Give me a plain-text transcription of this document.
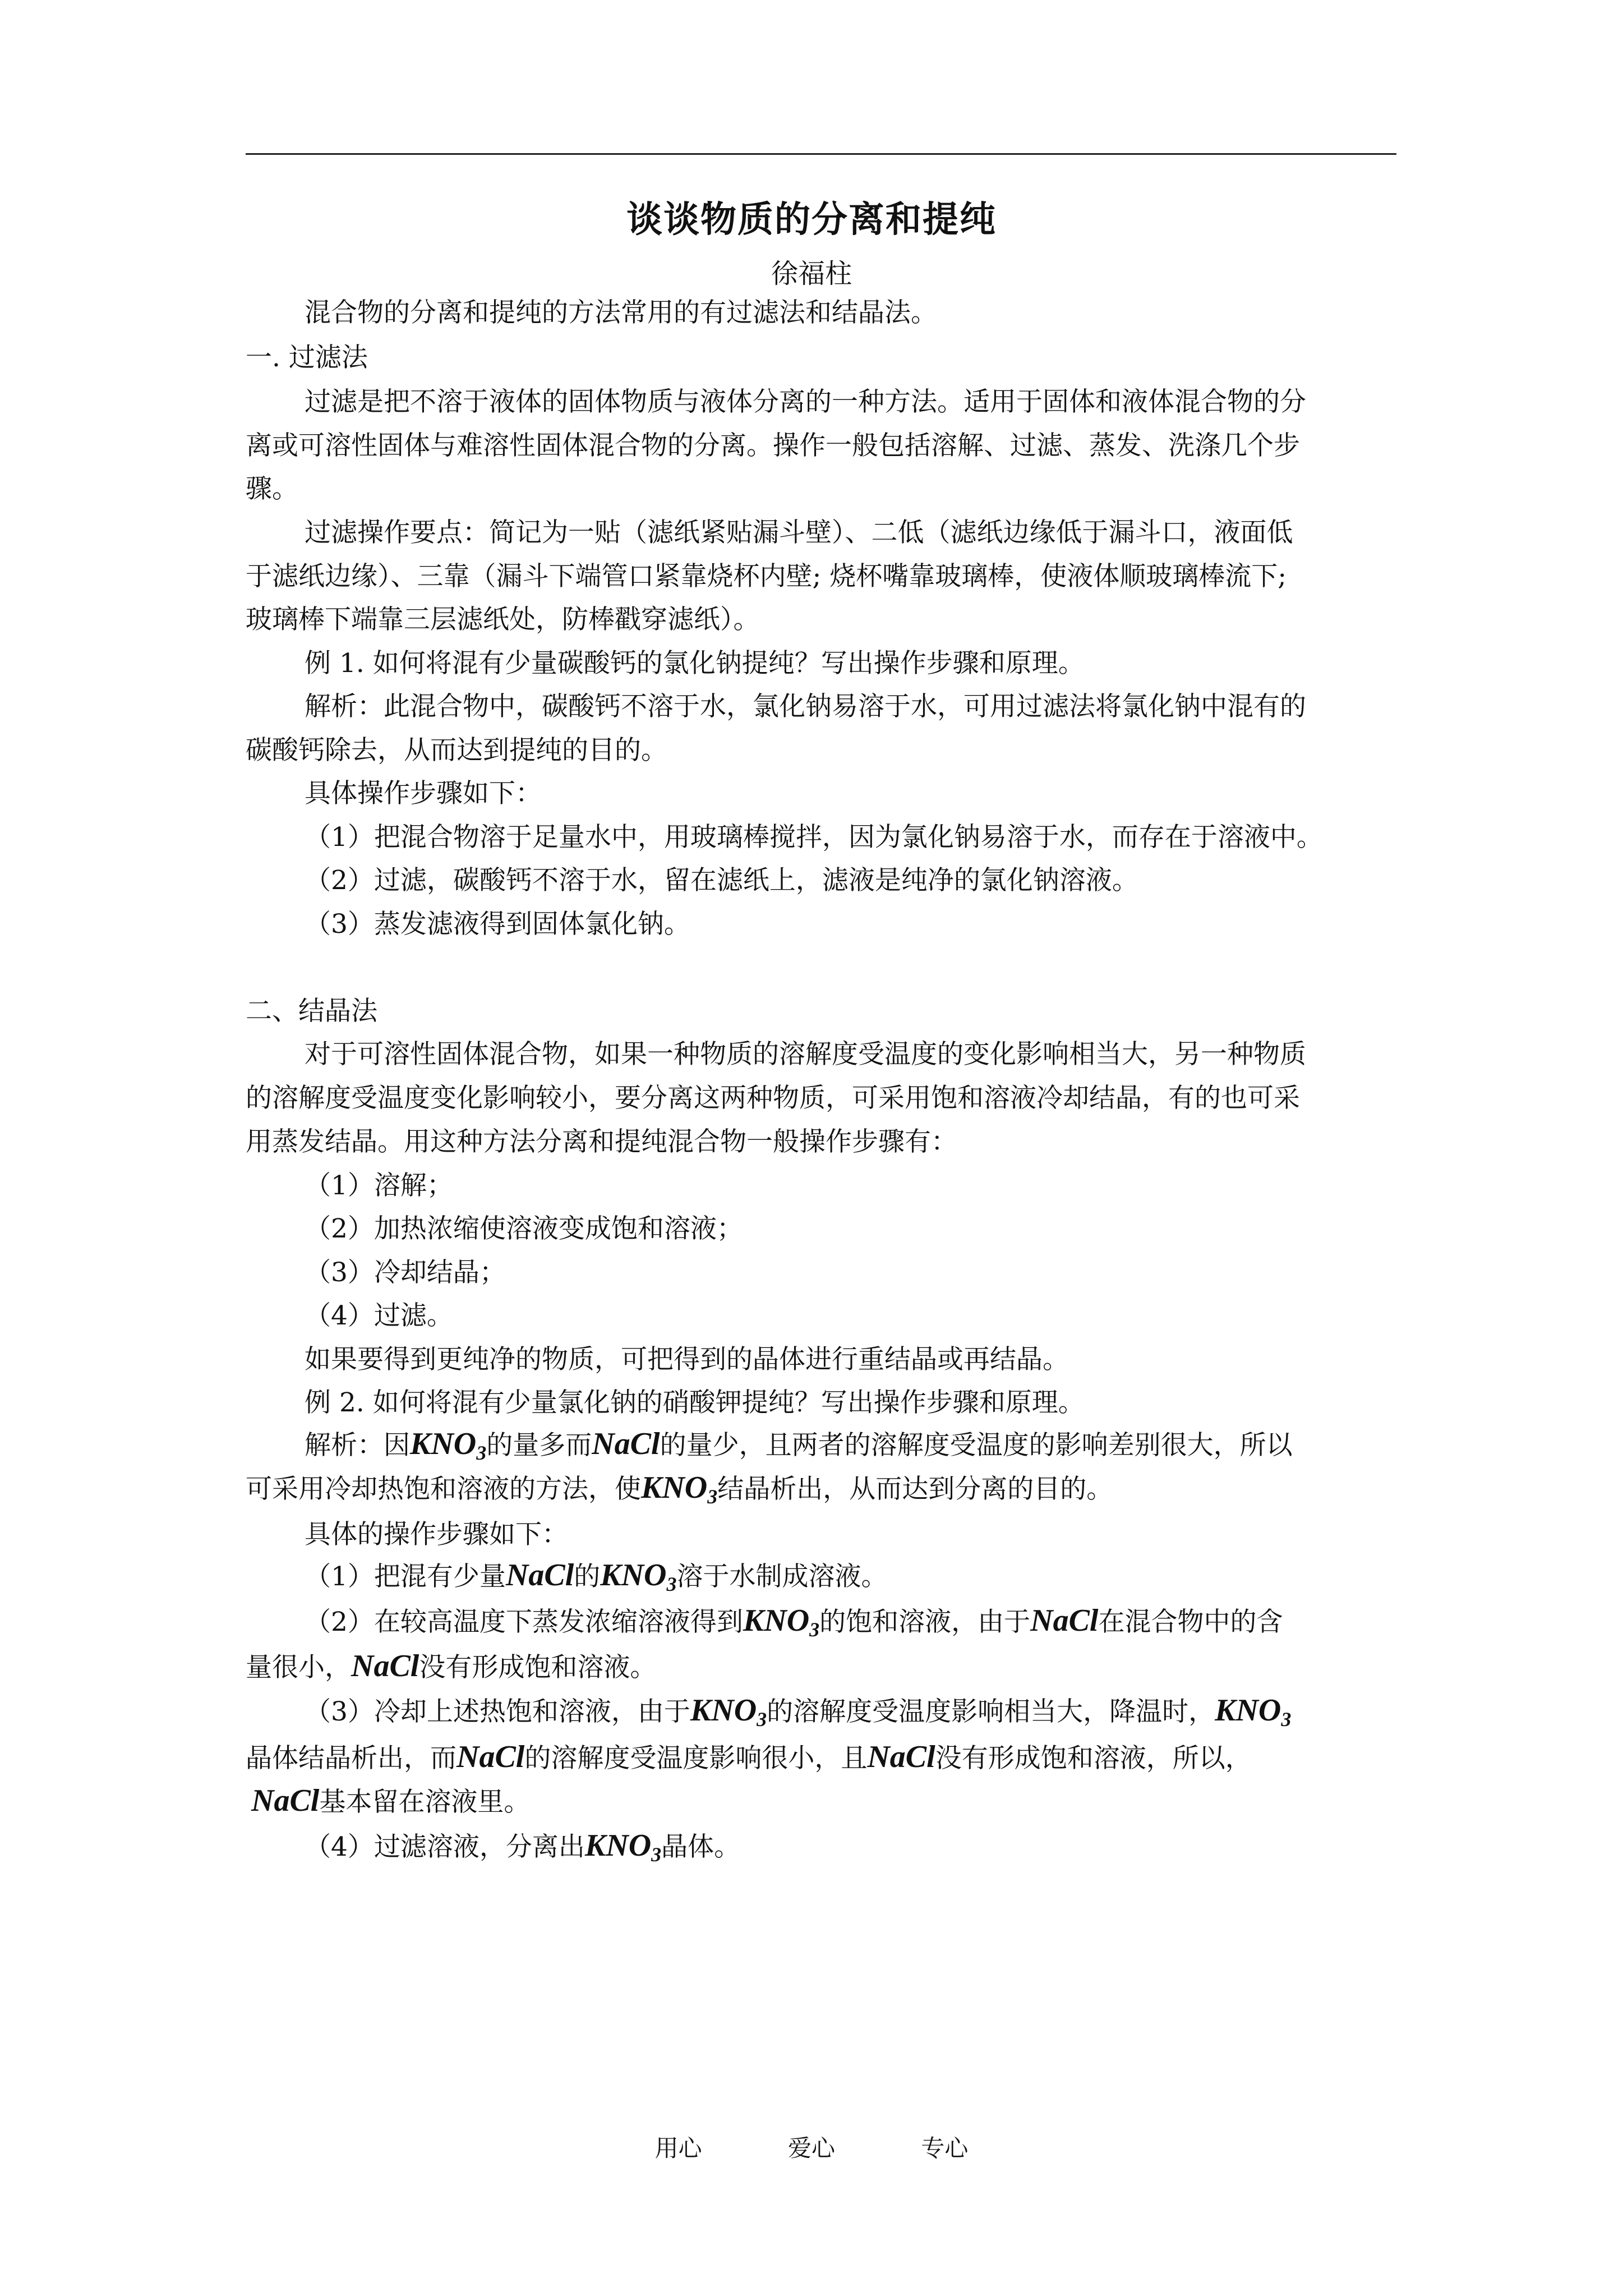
谈谈物质的分离和提纯
徐福柱
混合物的分离和提纯的方法常用的有过滤法和结晶法。
一. 过滤法
过滤是把不溶于液体的固体物质与液体分离的一种方法。适用于固体和液体混合物的分
离或可溶性固体与难溶性固体混合物的分离。操作一般包括溶解、过滤、蒸发、洗涤几个步
骤。
过滤操作要点：简记为一贴（滤纸紧贴漏斗壁）、二低（滤纸边缘低于漏斗口，液面低
于滤纸边缘）、三靠（漏斗下端管口紧靠烧杯内壁; 烧杯嘴靠玻璃棒，使液体顺玻璃棒流下;
玻璃棒下端靠三层滤纸处，防棒戳穿滤纸）。
例 1. 如何将混有少量碳酸钙的氯化钠提纯？写出操作步骤和原理。
解析：此混合物中，碳酸钙不溶于水，氯化钠易溶于水，可用过滤法将氯化钠中混有的
碳酸钙除去，从而达到提纯的目的。
具体操作步骤如下：
（1）把混合物溶于足量水中，用玻璃棒搅拌，因为氯化钠易溶于水，而存在于溶液中。
（2）过滤，碳酸钙不溶于水，留在滤纸上，滤液是纯净的氯化钠溶液。
（3）蒸发滤液得到固体氯化钠。
二、结晶法
对于可溶性固体混合物，如果一种物质的溶解度受温度的变化影响相当大，另一种物质
的溶解度受温度变化影响较小，要分离这两种物质，可采用饱和溶液冷却结晶，有的也可采
用蒸发结晶。用这种方法分离和提纯混合物一般操作步骤有：
（1）溶解；
（2）加热浓缩使溶液变成饱和溶液；
（3）冷却结晶；
（4）过滤。
如果要得到更纯净的物质，可把得到的晶体进行重结晶或再结晶。
例 2. 如何将混有少量氯化钠的硝酸钾提纯？写出操作步骤和原理。
解析：因$KNO_3$的量多而NaCl的量少，且两者的溶解度受温度的影响差别很大，所以
可采用冷却热饱和溶液的方法，使$KNO_3$结晶析出，从而达到分离的目的。
具体的操作步骤如下：
（1）把混有少量NaCl的$KNO_3$溶于水制成溶液。
（2）在较高温度下蒸发浓缩溶液得到$KNO_3$的饱和溶液，由于NaCl在混合物中的含
量很小，NaCl没有形成饱和溶液。
（3）冷却上述热饱和溶液，由于$KNO_3$的溶解度受温度影响相当大，降温时，$KNO_3$
晶体结晶析出，而NaCl的溶解度受温度影响很小，且NaCl没有形成饱和溶液，所以，
NaCl基本留在溶液里。
（4）过滤溶液，分离出$KNO_3$晶体。
用心	爱心	专心
